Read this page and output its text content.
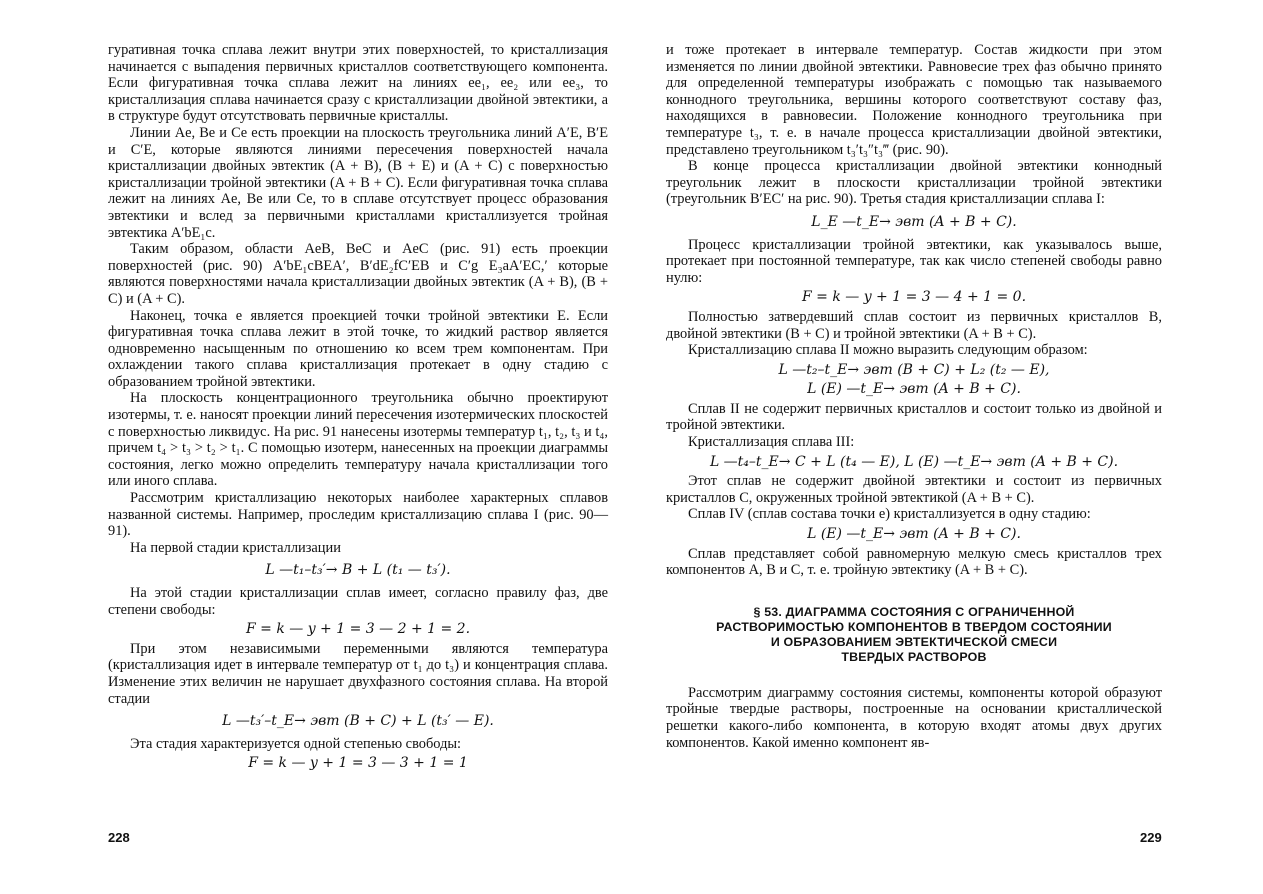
гуративная точка сплава лежит внутри этих поверхностей, то кристаллизация начинается с выпадения первичных кристаллов соответствующего компонента. Если фигуративная точка сплава лежит на линиях ee₁, ee₂ или ee₃, то кристаллизация сплава начинается сразу с кристаллизации двойной эвтектики, а в структуре будут отсутствовать первичные кристаллы.

Линии Ae, Be и Ce есть проекции на плоскость треугольника линий A′E, B′E и C′E, которые являются линиями пересечения поверхностей начала кристаллизации двойных эвтектик (A + B), (B + E) и (A + C) с поверхностью кристаллизации тройной эвтектики (A + B + C). Если фигуративная точка сплава лежит на линиях Ae, Be или Ce, то в сплаве отсутствует процесс образования эвтектики и вслед за первичными кристаллами кристаллизуется тройная эвтектика A′bE₁c.

Таким образом, области AeB, BeC и AeC (рис. 91) есть проекции поверхностей (рис. 90) A′bE₁cBEA′, B′dE₂fC′EB и C′g E₃aA′EC,′ которые являются поверхностями начала кристаллизации двойных эвтектик (A + B), (B + C) и (A + C).

Наконец, точка e является проекцией точки тройной эвтектики E. Если фигуративная точка сплава лежит в этой точке, то жидкий раствор является одновременно насыщенным по отношению ко всем трем компонентам. При охлаждении такого сплава кристаллизация протекает в одну стадию с образованием тройной эвтектики.

На плоскость концентрационного треугольника обычно проектируют изотермы, т. е. наносят проекции линий пересечения изотермических плоскостей с поверхностью ликвидус. На рис. 91 нанесены изотермы температур t₁, t₂, t₃ и t₄, причем t₄ > t₃ > t₂ > t₁. С помощью изотерм, нанесенных на проекции диаграммы состояния, легко можно определить температуру начала кристаллизации того или иного сплава.

Рассмотрим кристаллизацию некоторых наиболее характерных сплавов названной системы. Например, проследим кристаллизацию сплава I (рис. 90—91).

На первой стадии кристаллизации

L —t₁–t₃′→ B + L (t₁ — t₃′).

На этой стадии кристаллизации сплав имеет, согласно правилу фаз, две степени свободы:

F = k — y + 1 = 3 — 2 + 1 = 2.

При этом независимыми переменными являются температура (кристаллизация идет в интервале температур от t₁ до t₃) и концентрация сплава. Изменение этих величин не нарушает двухфазного состояния сплава. На второй стадии

L —t₃′–t_E→ эвт (B + C) + L (t₃′ — E).

Эта стадия характеризуется одной степенью свободы:

F = k — y + 1 = 3 — 3 + 1 = 1

и тоже протекает в интервале температур. Состав жидкости при этом изменяется по линии двойной эвтектики. Равновесие трех фаз обычно принято для определенной температуры изображать с помощью так называемого коннодного треугольника, вершины которого соответствуют составу фаз, находящихся в равновесии. Положение коннодного треугольника при температуре t₃, т. е. в начале процесса кристаллизации двойной эвтектики, представлено треугольником t₃′t₃″t₃‴ (рис. 90).

В конце процесса кристаллизации двойной эвтектики коннодный треугольник лежит в плоскости кристаллизации тройной эвтектики (треугольник B′EC′ на рис. 90). Третья стадия кристаллизации сплава I:

L_E —t_E→ эвт (A + B + C).

Процесс кристаллизации тройной эвтектики, как указывалось выше, протекает при постоянной температуре, так как число степеней свободы равно нулю:

F = k — y + 1 = 3 — 4 + 1 = 0.

Полностью затвердевший сплав состоит из первичных кристаллов B, двойной эвтектики (B + C) и тройной эвтектики (A + B + C).

Кристаллизацию сплава II можно выразить следующим образом:

L —t₂–t_E→ эвт (B + C) + L₂ (t₂ — E),
L (E) —t_E→ эвт (A + B + C).

Сплав II не содержит первичных кристаллов и состоит только из двойной и тройной эвтектики.

Кристаллизация сплава III:

L —t₄–t_E→ C + L (t₄ — E), L (E) —t_E→ эвт (A + B + C).

Этот сплав не содержит двойной эвтектики и состоит из первичных кристаллов C, окруженных тройной эвтектикой (A + B + C).

Сплав IV (сплав состава точки e) кристаллизуется в одну стадию:

L (E) —t_E→ эвт (A + B + C).

Сплав представляет собой равномерную мелкую смесь кристаллов трех компонентов A, B и C, т. е. тройную эвтектику (A + B + C).

§ 53. ДИАГРАММА СОСТОЯНИЯ С ОГРАНИЧЕННОЙ
РАСТВОРИМОСТЬЮ КОМПОНЕНТОВ В ТВЕРДОМ СОСТОЯНИИ
И ОБРАЗОВАНИЕМ ЭВТЕКТИЧЕСКОЙ СМЕСИ
ТВЕРДЫХ РАСТВОРОВ

Рассмотрим диаграмму состояния системы, компоненты которой образуют тройные твердые растворы, построенные на основании кристаллической решетки какого-либо компонента, в которую входят атомы двух других компонентов. Какой именно компонент яв-

228	229
